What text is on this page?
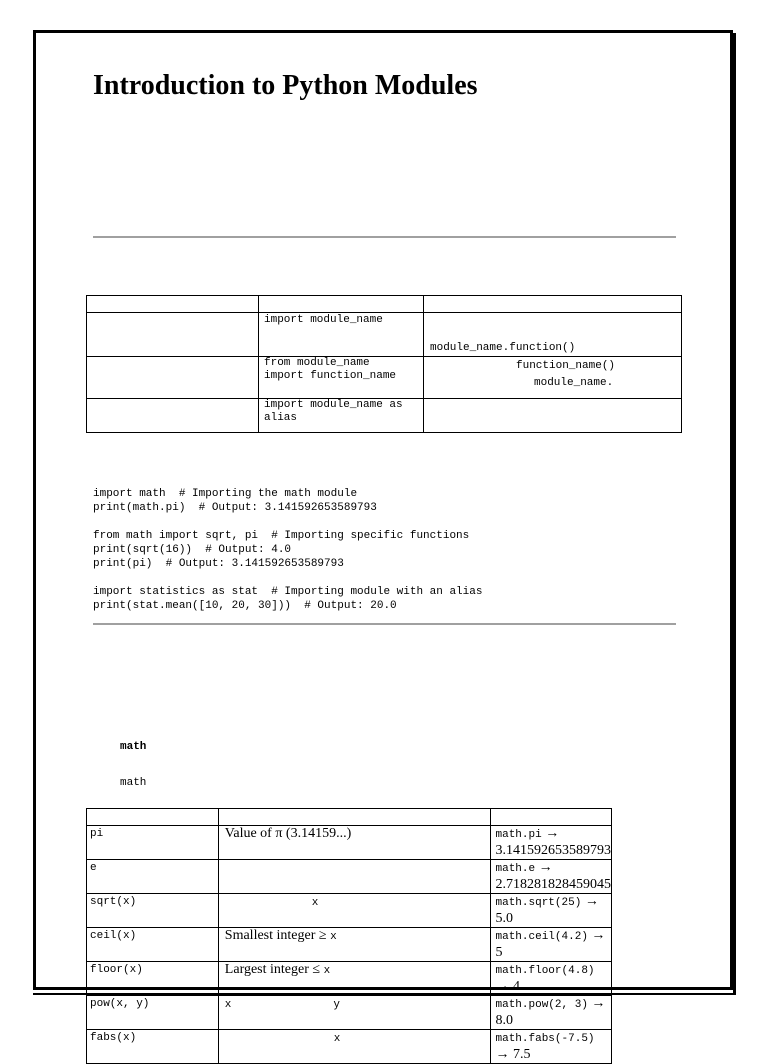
Introduction to Python Modules

	import module_name	module_name.function()

	from module_name import function_name	function_name()
module_name.

	import module_name as alias	

import math  # Importing the math module
print(math.pi)  # Output: 3.141592653589793
from math import sqrt, pi  # Importing specific functions
print(sqrt(16))  # Output: 4.0
print(pi)  # Output: 3.141592653589793
import statistics as stat  # Importing module with an alias
print(stat.mean([10, 20, 30]))  # Output: 20.0
math
math

pi	Value of π (3.14159...)	math.pi → 3.141592653589793
e		math.e → 2.718281828459045
sqrt(x)	x	math.sqrt(25) → 5.0
ceil(x)	Smallest integer ≥ x	math.ceil(4.2) → 5
floor(x)	Largest integer ≤ x	math.floor(4.8) → 4
pow(x, y)	x y	math.pow(2, 3) → 8.0
fabs(x)	x	math.fabs(-7.5) → 7.5
